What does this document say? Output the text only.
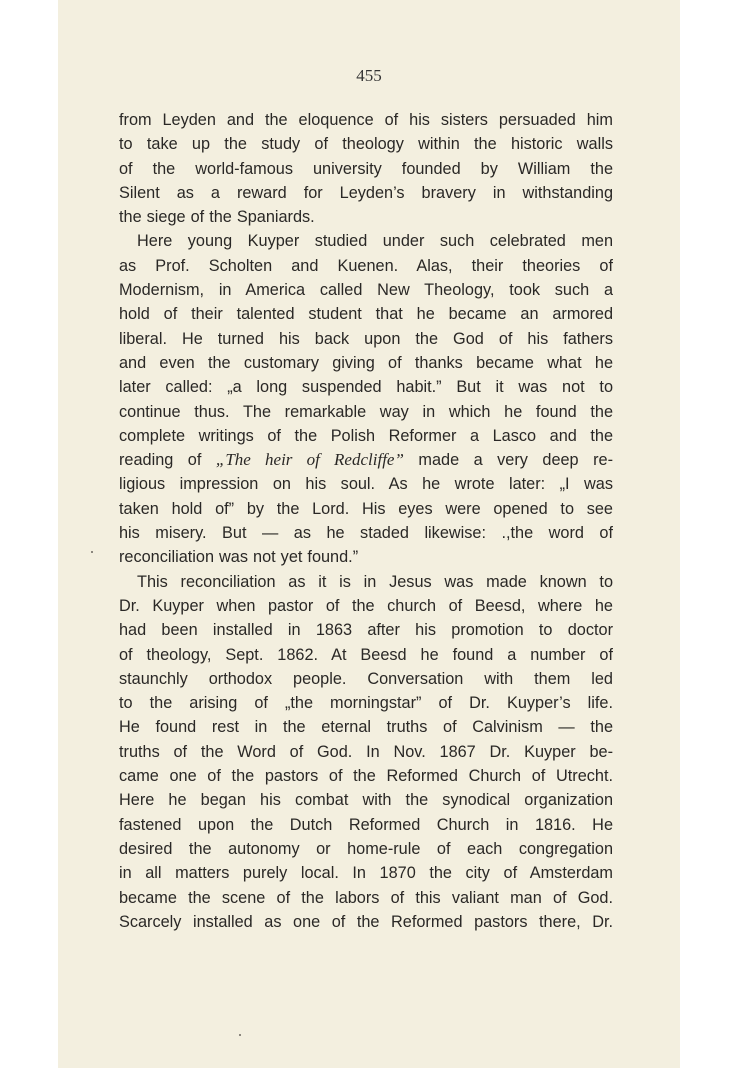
455
from Leyden and the eloquence of his sisters persuaded him
to take up the study of theology within the historic walls
of the world-famous university founded by William the
Silent as a reward for Leyden’s bravery in withstanding
the siege of the Spaniards.
Here young Kuyper studied under such celebrated men
as Prof. Scholten and Kuenen. Alas, their theories of
Modernism, in America called New Theology, took such a
hold of their talented student that he became an armored
liberal. He turned his back upon the God of his fathers
and even the customary giving of thanks became what he
later called: „a long suspended habit.” But it was not to
continue thus. The remarkable way in which he found the
complete writings of the Polish Reformer a Lasco and the
reading of „The heir of Redcliffe” made a very deep re-
ligious impression on his soul. As he wrote later: „I was
taken hold of” by the Lord. His eyes were opened to see
his misery. But — as he staded likewise: .,the word of
reconciliation was not yet found.”
This reconciliation as it is in Jesus was made known to
Dr. Kuyper when pastor of the church of Beesd, where he
had been installed in 1863 after his promotion to doctor
of theology, Sept. 1862. At Beesd he found a number of
staunchly orthodox people. Conversation with them led
to the arising of „the morningstar” of Dr. Kuyper’s life.
He found rest in the eternal truths of Calvinism — the
truths of the Word of God. In Nov. 1867 Dr. Kuyper be-
came one of the pastors of the Reformed Church of Utrecht.
Here he began his combat with the synodical organization
fastened upon the Dutch Reformed Church in 1816. He
desired the autonomy or home-rule of each congregation
in all matters purely local. In 1870 the city of Amsterdam
became the scene of the labors of this valiant man of God.
Scarcely installed as one of the Reformed pastors there, Dr.
